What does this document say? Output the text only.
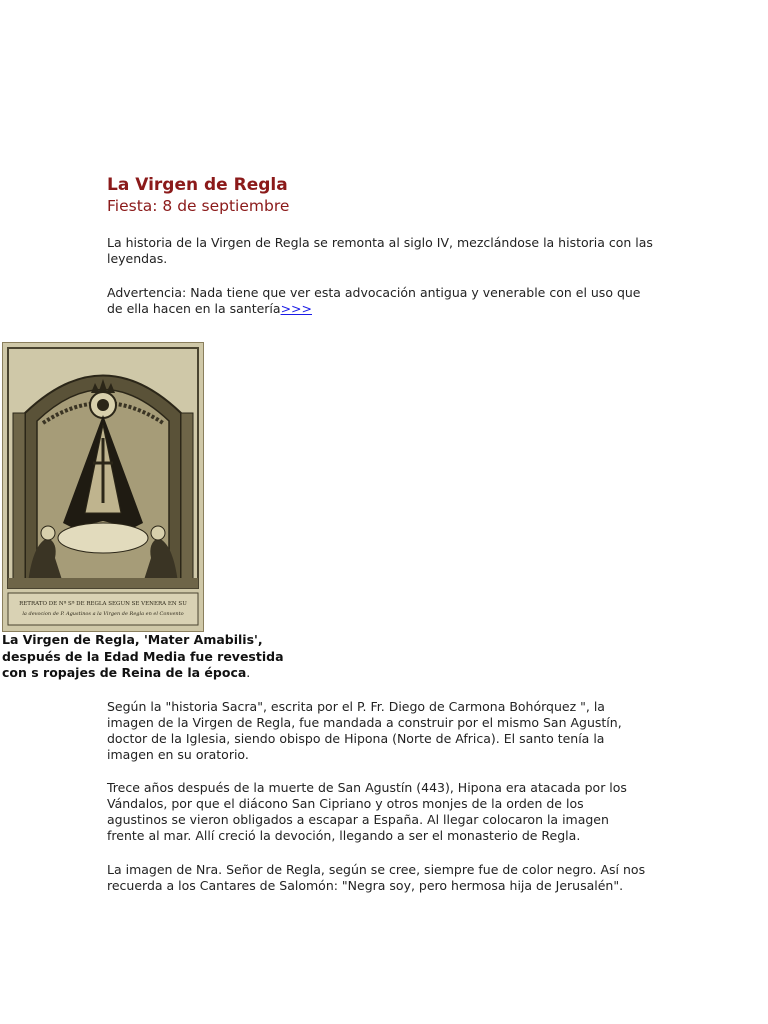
La Virgen de Regla
Fiesta: 8 de septiembre

La historia de la Virgen de Regla se remonta al siglo IV, mezclándose la historia con las leyendas.

Advertencia: Nada tiene que ver esta advocación antigua y venerable con el uso que de ella hacen en la santería>>>

RETRATO DE Nª Sª DE REGLA SEGUN SE VENERA EN SU
la devocion de P. Agustinos a la Virgen de Regla en el Convento

La Virgen de Regla, 'Mater Amabilis', después de la Edad Media fue revestida con s ropajes de Reina de la época.

Según la "historia Sacra", escrita por el P. Fr. Diego de Carmona Bohórquez ", la imagen de la Virgen de Regla, fue mandada a construir por el mismo San Agustín, doctor de la Iglesia, siendo obispo de Hipona (Norte de Africa). El santo tenía la imagen en su oratorio.

Trece años después de la muerte de San Agustín (443), Hipona era atacada por los Vándalos, por que el diácono San Cipriano y otros monjes de la orden de los agustinos se vieron obligados a escapar a España. Al llegar colocaron la imagen frente al mar. Allí creció la devoción, llegando a ser el monasterio de Regla.

La imagen de Nra. Señor de Regla, según se cree, siempre fue de color negro. Así nos recuerda a los Cantares de Salomón: "Negra soy, pero hermosa hija de Jerusalén".
